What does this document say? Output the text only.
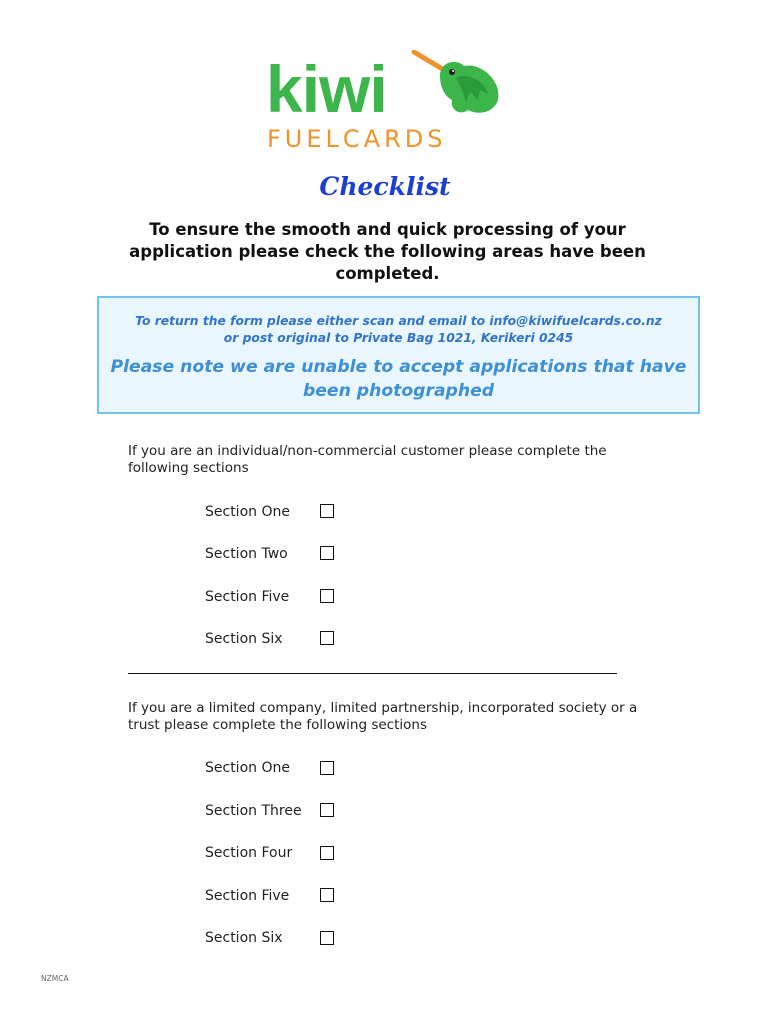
kiwi
FUELCARDS
Checklist
To ensure the smooth and quick processing of your application please check the following areas have been completed.

To return the form please either scan and email to info@kiwifuelcards.co.nz

or post original to Private Bag 1021, Kerikeri 0245

Please note we are unable to accept applications that have been photographed

If you are an individual/non-commercial customer please complete the following sections
Section One
Section Two
Section Five
Section Six
If you are a limited company, limited partnership, incorporated society or a trust please complete the following sections
Section One
Section Three
Section Four
Section Five
Section Six
NZMCA
